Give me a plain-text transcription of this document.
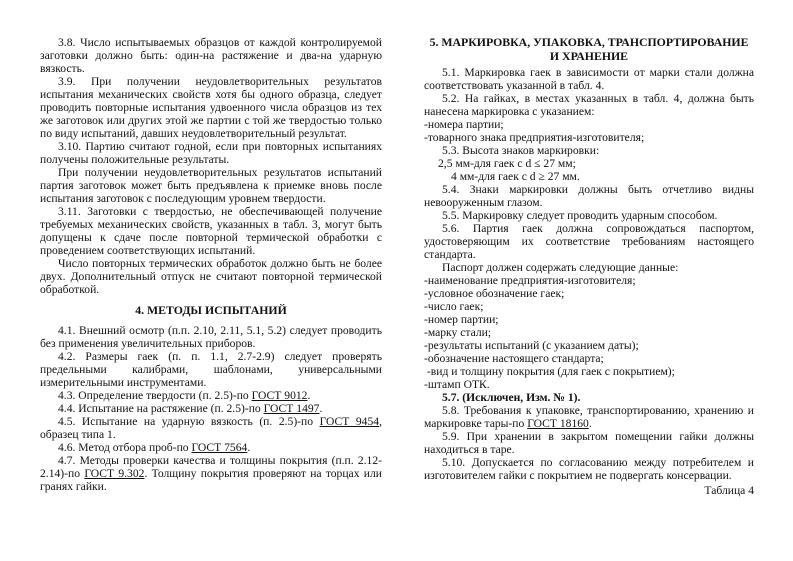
3.8. Число испытываемых образцов от каждой контролируемой заготовки должно быть: один-на растяжение и два-на ударную вязкость.

3.9. При получении неудовлетворительных результатов испытания механических свойств хотя бы одного образца, следует проводить повторные испытания удвоенного числа образцов из тех же заготовок или других этой же партии с той же твердостью только по виду испытаний, давших неудовлетворительный результат.

3.10. Партию считают годной, если при повторных испытаниях получены положительные результаты.

При получении неудовлетворительных результатов испытаний партия заготовок может быть предъявлена к приемке вновь после испытания заготовок с последующим уровнем твердости.

3.11. Заготовки с твердостью, не обеспечивающей получение требуемых механических свойств, указанных в табл. 3, могут быть допущены к сдаче после повторной термической обработки с проведением соответствующих испытаний.

Число повторных термических обработок должно быть не более двух. Дополнительный отпуск не считают повторной термической обработкой.

4. МЕТОДЫ ИСПЫТАНИЙ

4.1. Внешний осмотр (п.п. 2.10, 2.11, 5.1, 5.2) следует проводить без применения увеличительных приборов.

4.2. Размеры гаек (п. п. 1.1, 2.7-2.9) следует проверять предельными калибрами, шаблонами, универсальными измерительными инструментами.

4.3. Определение твердости (п. 2.5)-по ГОСТ 9012.

4.4. Испытание на растяжение (п. 2.5)-по ГОСТ 1497.

4.5. Испытание на ударную вязкость (п. 2.5)-по ГОСТ 9454, образец типа 1.

4.6. Метод отбора проб-по ГОСТ 7564.

4.7. Методы проверки качества и толщины покрытия (п.п. 2.12-2.14)-по ГОСТ 9.302. Толщину покрытия проверяют на торцах или гранях гайки.

5. МАРКИРОВКА, УПАКОВКА, ТРАНСПОРТИРОВАНИЕ И ХРАНЕНИЕ

5.1. Маркировка гаек в зависимости от марки стали должна соответствовать указанной в табл. 4.

5.2. На гайках, в местах указанных в табл. 4, должна быть нанесена маркировка с указанием:

-номера партии;

-товарного знака предприятия-изготовителя;

5.3. Высота знаков маркировки:

2,5 мм-для гаек с d ≤ 27 мм;

4 мм-для гаек с d ≥ 27 мм.

5.4. Знаки маркировки должны быть отчетливо видны невооруженным глазом.

5.5. Маркировку следует проводить ударным способом.

5.6. Партия гаек должна сопровождаться паспортом, удостоверяющим их соответствие требованиям настоящего стандарта.

Паспорт должен содержать следующие данные:

-наименование предприятия-изготовителя;

-условное обозначение гаек;

-число гаек;

-номер партии;

-марку стали;

-результаты испытаний (с указанием даты);

-обозначение настоящего стандарта;

-вид и толщину покрытия (для гаек с покрытием);

-штамп ОТК.

5.7. (Исключен, Изм. № 1).

5.8. Требования к упаковке, транспортированию, хранению и маркировке тары-по ГОСТ 18160.

5.9. При хранении в закрытом помещении гайки должны находиться в таре.

5.10. Допускается по согласованию между потребителем и изготовителем гайки с покрытием не подвергать консервации.

Таблица 4
